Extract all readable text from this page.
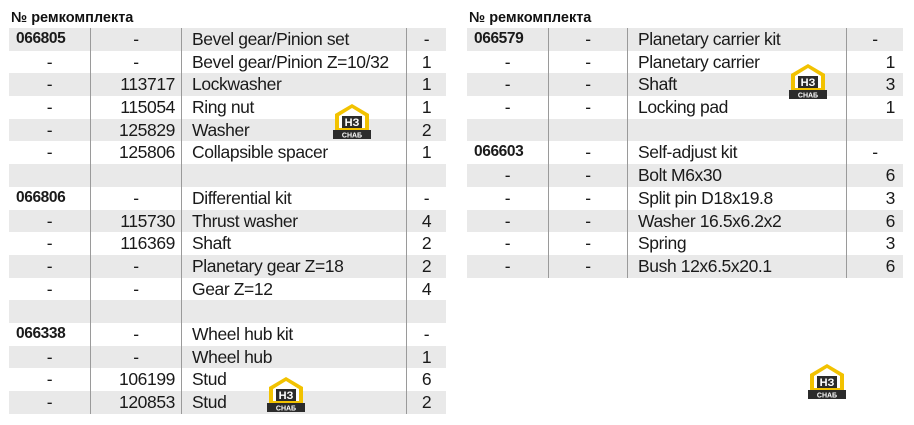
№ ремкомплекта
066805	-	Bevel gear/Pinion set	-
-	-	Bevel gear/Pinion Z=10/32	1
-	113717 Lockwasher	1
-	115054 Ring nut	1
-	125829 Washer	2
-	125806 Collapsible spacer	1
066806	-	Differential kit	-
-	115730 Thrust washer	4
-	116369 Shaft	2
-	-	Planetary gear Z=18	2
-	-	Gear Z=12	4
066338	-	Wheel hub kit	-
-	-	Wheel hub	1
-	106199 Stud	6
-	120853 Stud	2
№ ремкомплекта
066579	-	Planetary carrier kit	-
-	-	Planetary carrier	1
-	-	Shaft	3
-	-	Locking pad	1
066603	-	Self-adjust kit	-
-	-	Bolt M6x30	6
-	-	Split pin D18x19.8	3
-	-	Washer 16.5x6.2x2	6
-	-	Spring	3
-	-	Bush 12x6.5x20.1	6
НЗ
СНАБ
НЗ
СНАБ
НЗ
СНАБ
НЗ
СНАБ
